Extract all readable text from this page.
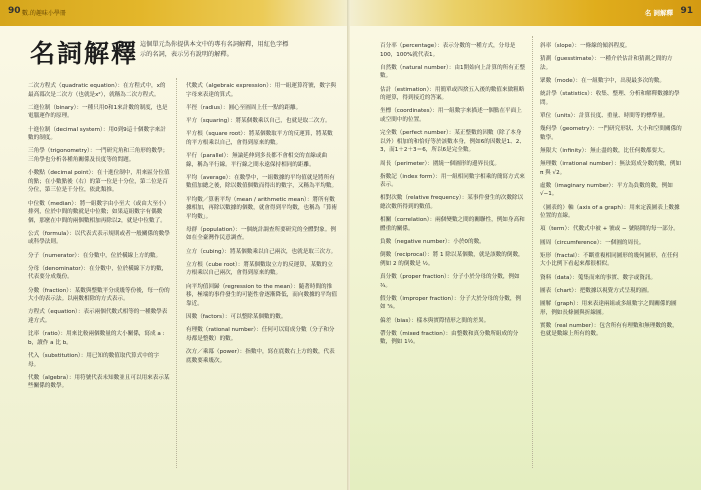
90 數.的趣味小學冊
名詞解釋 這個單元為你提供本文中的專有名詞解釋，用紅色字標示的名詞，表示另有說明的解釋。

二次方程式（quadratic equation）：在方程式中，x的最高冪次是二次方（也就是x²），就稱為二次方程式。

二進位制（binary）：一種只用0和1來計數的制度，也是電腦運作的原理。

十進位制（decimal system）：用0到9這十個數字來計數的制度。

三角學（trigonometry）：一門研究角和三角形的數學；三角學也分析各種角關係及長度等的問題。

小數點（decimal point）：在十進位制中，用來區分位值的點；在小數點後（右）的第一位是十分位，第二位是百分位，第三位是千分位，依此類推。

中位數（median）：將一組數字由小至大（或由大至小）排列，位於中間的數就是中位數；如果這組數字有偶數個，那麼在中間的兩個數相加再除以2，就是中位數了。

公式（formula）：以代表式表示規則或者一般關係的數學或科學法則。

分子（numerator）：在分數中，位於橫線上方的數。

分母（denominator）：在分數中，位於橫線下方的數，代表要分成幾份。

分數（fraction）：某數與整數平分成幾等份後，每一份的大小的表示法。以兩數相除的方式表示。

方程式（equation）：表示兩個代數式相等的一種數學表達方式。

比率（ratio）：用來比較兩個數量的大小關係，寫成 a : b，讀作 a 比 b。

代入（substitution）：用已知的數值取代算式中的字母。

代數（algebra）：用符號代表未知數並且可以用來表示某些關係的數學。

代數式（algebraic expression）：用一組運算符號，數字與字母來表達的算式。

半徑（radius）：圓心至圓周上任一點的距離。

平方（squaring）：將某個數乘以自己，也就是取二次方。

平方根（square root）：將某個數取平方的反運算，將某數的平方根乘以自己，會得到原來的數。

平行（parallel）：無論延伸到多長都不會相交的直線或曲線，稱為平行線。平行線之間永遠保持相同的距離。

平均（average）：在數學中，一組數據的平均值就是將所有數值加總之後，除以數值個數而得出的數字，又稱為平均數。

平均數／算術平均（mean / arithmetic mean）：將所有數據相加，再除以數據的個數，就會得到平均數，也稱為「算術平均數」。

母群（population）：一個統計調查所要研究的全體對象。例如在全臺灣作民意調查。

立方（cubing）：將某個數乘以自己兩次，也就是取三次方。

立方根（cube root）：將某個數取立方的反運算，某數的立方根乘以自己兩次，會得到原來的數。

向平均值回歸（regression to the mean）：隨著時間的推移，極端的事件發生的可能性會逐漸降低，而向數據的平均值靠近。

因數（factors）：可以整除某個數的數。

有理數（rational number）：任何可以寫成分數（分子和分母都是整數）的數。

次方／乘冪（power）：指數中，寫在底數右上方的數，代表底數要乘幾次。

名 詞解釋 91

百分率（percentage）：表示分數的一種方式，分母是100，100%就代表1。

自然數（natural number）：由1開始向上計算的所有正整數。

估計（estimation）：用簡單或四捨五入後的數值來做粗略的運算，得到接近的答案。

坐標（coordinates）：用一組數字來描述一個點在平面上或空間中的位置。

完全數（perfect number）：某正整數的因數（除了本身以外）相加的和恰好等於該數本身，例如6的因數是1、2、3，而1＋2＋3＝6，所以6是完全數。

周長（perimeter）：圍繞一個圖形的邊界長度。

指數記（index form）：用一組相同數字相乘的簡寫方式來表示。

相對次數（relative frequency）：某事件發生的次數除以總次數所得到的數值。

相關（correlation）：兩個變數之間的關聯性，例如身高和體重的關係。

負數（negative number）：小於0的數。

倒數（reciprocal）：將 1 除以某個數，就是該數的倒數，例如 2 的倒數是 ½。

真分數（proper fraction）：分子小於分母的分數，例如 ¾。

假分數（improper fraction）：分子大於分母的分數，例如 ⁵⁄₄。

偏差（bias）：樣本與實際情形之間的差異。

帶分數（mixed fraction）：由整數和真分數所組成的分數，例如 1½。

斜率（slope）：一條線的傾斜程度。

猜測（guesstimate）：一種介於估計和猜測之間的方法。

眾數（mode）：在一組數字中，出現最多次的數。

統計學（statistics）：收集、整理、分析和解釋數據的學問。

單位（units）：計算長度、重量、時間等的標準量。

幾何學（geometry）：一門研究形狀、大小和空間關係的數學。

無限大（infinity）：無止盡的數，比任何數都要大。

無理數（irrational number）：無法寫成分數的數，例如 π 與 √2。

虛數（imaginary number）：平方為負數的數，例如 √−1。

（圖表的）軸（axis of a graph）：用來定義圖表上數據位置的直線。

項（term）：代數式中被 + 號或 − 號隔開的每一部分。

圓周（circumference）：一個圓的周長。

矩形（fractal）：不斷重複相同圖形的幾何圖形，在任何大小比例下看起來都很相似。

資料（data）：蒐集而來的事實、數字或資訊。

圖表（chart）：把數據以視覺方式呈現的圖。

圖解（graph）：用來表達兩組或多組數字之間關係的圖形，例如長條圖與折線圖。

實數（real number）：包含所有有理數和無理數的數，也就是數線上所有的數。
